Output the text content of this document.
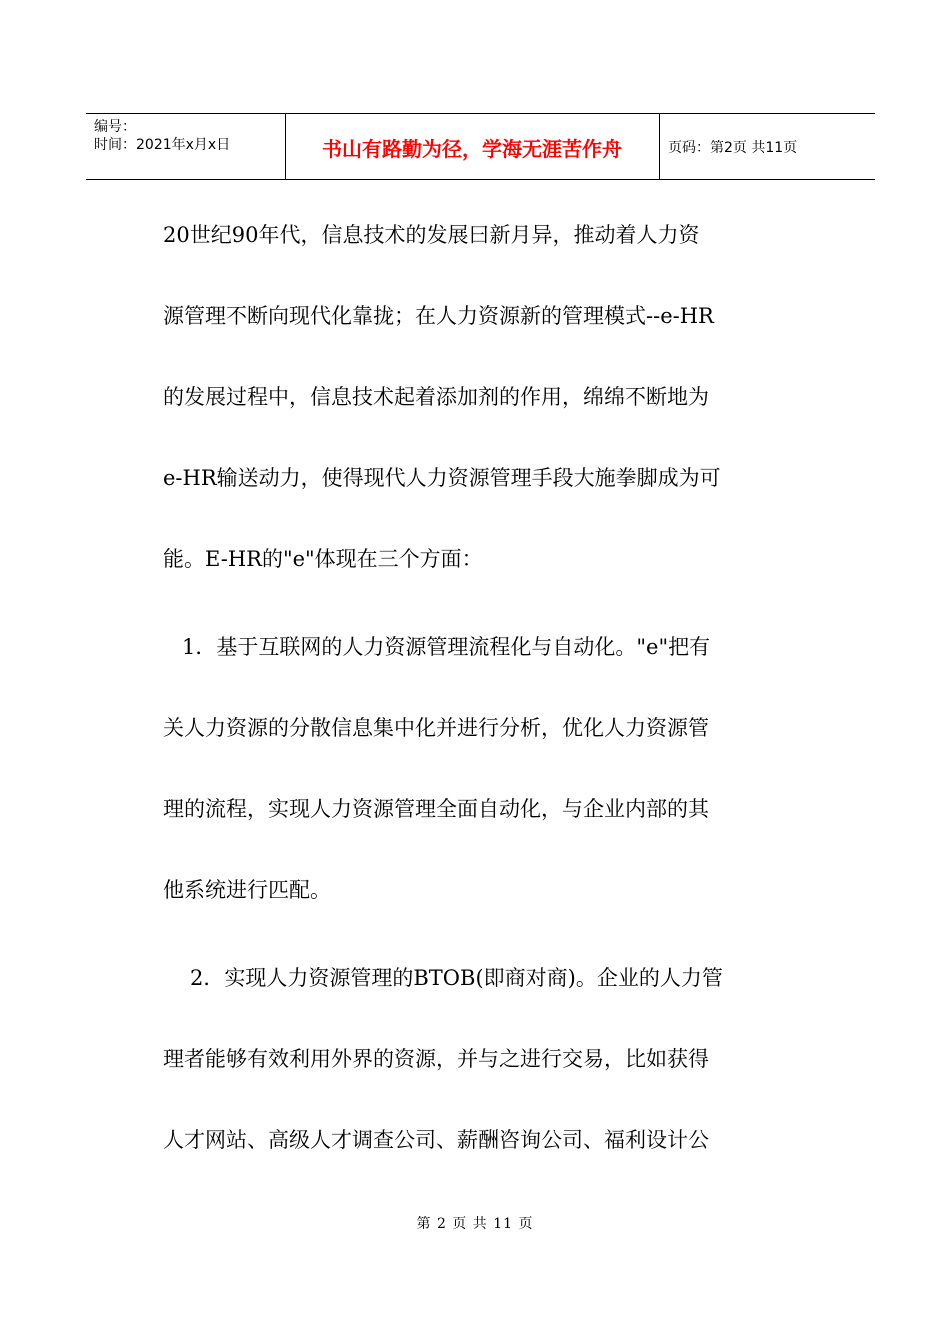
编号：
时间：2021年x月x日	书山有路勤为径，学海无涯苦作舟	页码：第2页 共11页
20世纪90年代，信息技术的发展曰新月异，推动着人力资
源管理不断向现代化靠拢；在人力资源新的管理模式--e-HR
的发展过程中，信息技术起着添加剂的作用，绵绵不断地为
e-HR输送动力，使得现代人力资源管理手段大施拳脚成为可
能。E-HR的"e"体现在三个方面：
1．基于互联网的人力资源管理流程化与自动化。"e"把有
关人力资源的分散信息集中化并进行分析，优化人力资源管
理的流程，实现人力资源管理全面自动化，与企业内部的其
他系统进行匹配。
2．实现人力资源管理的BTOB(即商对商)。企业的人力管
理者能够有效利用外界的资源，并与之进行交易，比如获得
人才网站、高级人才调查公司、薪酬咨询公司、福利设计公
第 2 页 共 11 页
